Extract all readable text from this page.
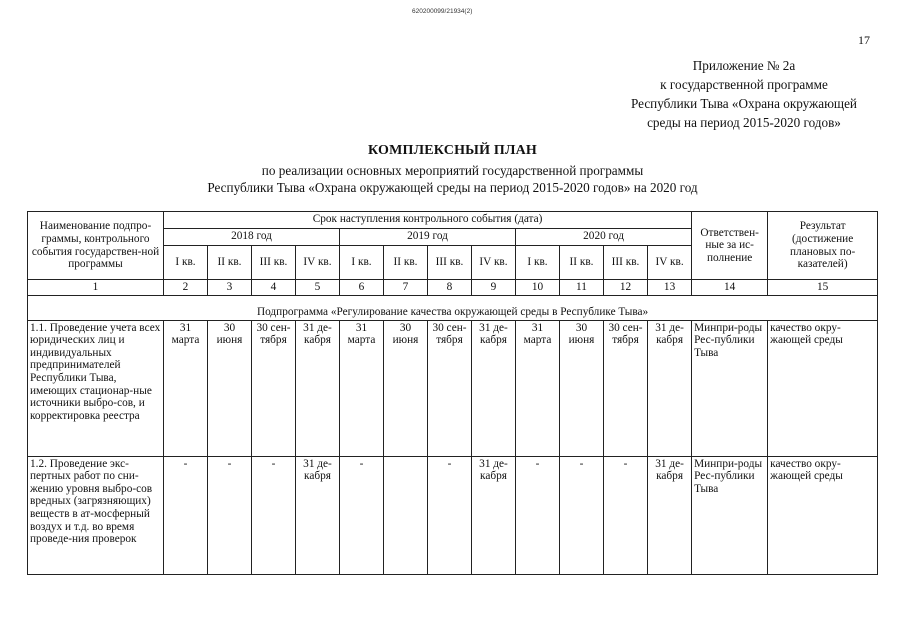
620200099/21934(2)
17
Приложение № 2а
к государственной программе
Республики Тыва «Охрана окружающей
среды на период 2015-2020 годов»
КОМПЛЕКСНЫЙ ПЛАН
по реализации основных мероприятий государственной программы
Республики Тыва «Охрана окружающей среды на период 2015-2020 годов» на 2020 год
Наименование подпро-граммы, контрольного события государствен-ной программы	Срок наступления контрольного события (дата)												Ответствен-ные за ис-полнение	Результат (достижение плановых по-казателей)
	2018 год				2019 год				2020 год					
	I кв.	II кв.	III кв.	IV кв.	I кв.	II кв.	III кв.	IV кв.	I кв.	II кв.	III кв.	IV кв.		
1	2	3	4	5	6	7	8	9	10	11	12	13	14	15
Подпрограмма «Регулирование качества окружающей среды в Республике Тыва»														
1.1. Проведение учета всех юридических лиц и индивидуальных предпринимателей Республики Тыва, имеющих стационар-ные источники выбро-сов, и корректировка реестра	31 марта	30 июня	30 сен-тября	31 де-кабря	31 марта	30 июня	30 сен-тября	31 де-кабря	31 марта	30 июня	30 сен-тября	31 де-кабря	Минпри-роды Рес-публики Тыва	качество окру-жающей среды
1.2. Проведение экс-пертных работ по сни-жению уровня выбро-сов вредных (загрязняющих) веществ в ат-мосферный воздух и т.д. во время проведе-ния проверок	-	-	-	31 де-кабря	-		-	31 де-кабря	-	-	-	31 де-кабря	Минпри-роды Рес-публики Тыва	качество окру-жающей среды
